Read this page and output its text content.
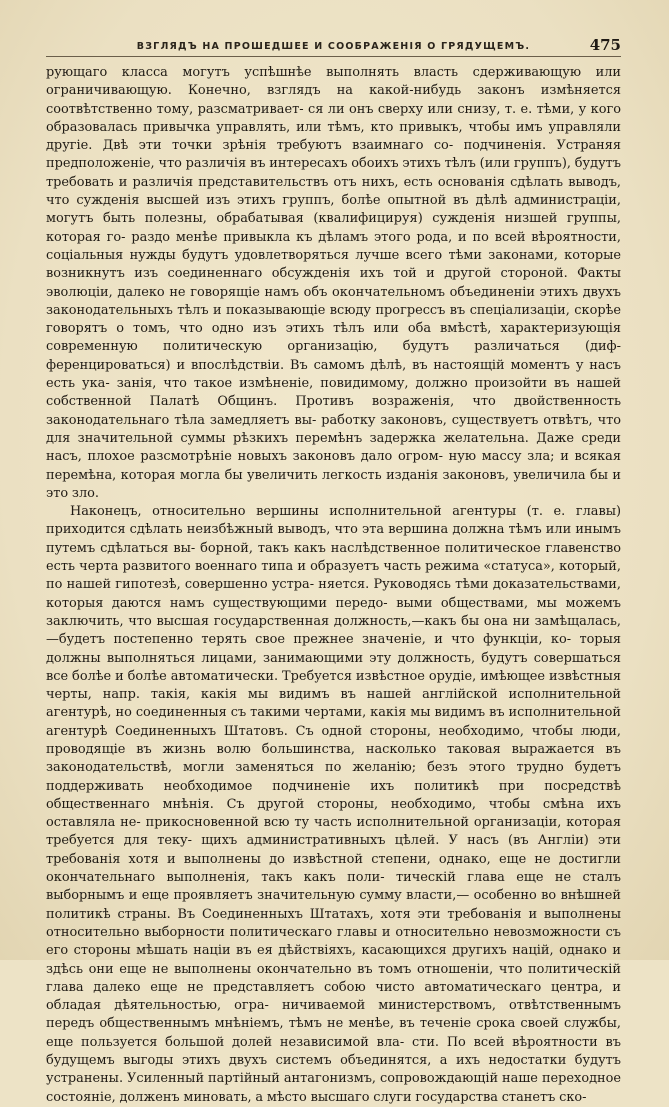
ВЗГЛЯДЪ НА ПРОШЕДШЕЕ И СООБРАЖЕНІЯ О ГРЯДУЩЕМЪ.	475

рующаго класса могутъ успѣшнѣе выполнять власть сдерживающую или ограничивающую. Конечно, взглядъ на какой-нибудь законъ измѣняется соотвѣтственно тому, разсматривает- ся ли онъ сверху или снизу, т. е. тѣми, у кого образовалась привычка управлять, или тѣмъ, кто привыкъ, чтобы имъ управляли другіе. Двѣ эти точки зрѣнія требуютъ взаимнаго со- подчиненія. Устраняя предположеніе, что различія въ интересахъ обоихъ этихъ тѣлъ (или группъ), будутъ требовать и различія представительствъ отъ нихъ, есть основанія сдѣлать выводъ, что сужденія высшей изъ этихъ группъ, болѣе опытной въ дѣлѣ администраціи, могутъ быть полезны, обрабатывая (квалифицируя) сужденія низшей группы, которая го- раздо менѣе привыкла къ дѣламъ этого рода, и по всей вѣроятности, соціальныя нужды будутъ удовлетворяться лучше всего тѣми законами, которые возникнутъ изъ соединеннаго обсужденія ихъ той и другой стороной. Факты эволюціи, далеко не говорящіе намъ объ окончательномъ объединеніи этихъ двухъ законодательныхъ тѣлъ и показывающіе всюду прогрессъ въ спеціализаціи, скорѣе говорятъ о томъ, что одно изъ этихъ тѣлъ или оба вмѣстѣ, характеризующія современную политическую организацію, будутъ различаться (диф- ференцироваться) и впослѣдствіи. Въ самомъ дѣлѣ, въ настоящій моментъ у насъ есть ука- занія, что такое измѣненіе, повидимому, должно произойти въ нашей собственной Палатѣ Общинъ. Противъ возраженія, что двойственность законодательнаго тѣла замедляетъ вы- работку законовъ, существуетъ отвѣтъ, что для значительной суммы рѣзкихъ перемѣнъ задержка желательна. Даже среди насъ, плохое разсмотрѣніе новыхъ законовъ дало огром- ную массу зла; и всякая перемѣна, которая могла бы увеличить легкость изданія законовъ, увеличила бы и это зло.

Наконецъ, относительно вершины исполнительной агентуры (т. е. главы) приходится сдѣлать неизбѣжный выводъ, что эта вершина должна тѣмъ или инымъ путемъ сдѣлаться вы- борной, такъ какъ наслѣдственное политическое главенство есть черта развитого военнаго типа и образуетъ часть режима «статуса», который, по нашей гипотезѣ, совершенно устра- няется. Руководясь тѣми доказательствами, которыя даются намъ существующими передо- выми обществами, мы можемъ заключить, что высшая государственная должность,—какъ бы она ни замѣщалась,—будетъ постепенно терять свое прежнее значеніе, и что функціи, ко- торыя должны выполняться лицами, занимающими эту должность, будутъ совершаться все болѣе и болѣе автоматически. Требуется извѣстное орудіе, имѣющее извѣстныя черты, напр. такія, какія мы видимъ въ нашей англійской исполнительной агентурѣ, но соединенныя съ такими чертами, какія мы видимъ въ исполнительной агентурѣ Соединенныхъ Штатовъ. Съ одной стороны, необходимо, чтобы люди, проводящіе въ жизнь волю большинства, насколько таковая выражается въ законодательствѣ, могли заменяться по желанію; безъ этого трудно будетъ поддерживать необходимое подчиненіе ихъ политикѣ при посредствѣ общественнаго мнѣнія. Съ другой стороны, необходимо, чтобы смѣна ихъ оставляла не- прикосновенной всю ту часть исполнительной организаціи, которая требуется для теку- щихъ административныхъ цѣлей. У насъ (въ Англіи) эти требованія хотя и выполнены до извѣстной степени, однако, еще не достигли окончательнаго выполненія, такъ какъ поли- тическій глава еще не сталъ выборнымъ и еще проявляетъ значительную сумму власти,— особенно во внѣшней политикѣ страны. Въ Соединенныхъ Штатахъ, хотя эти требованія и выполнены относительно выборности политическаго главы и относительно невозможности съ его стороны мѣшать націи въ ея дѣйствіяхъ, касающихся другихъ націй, однако и здѣсь они еще не выполнены окончательно въ томъ отношеніи, что политическій глава далеко еще не представляетъ собою чисто автоматическаго центра, и обладая дѣятельностью, огра- ничиваемой министерствомъ, отвѣтственнымъ передъ общественнымъ мнѣніемъ, тѣмъ не менѣе, въ теченіе срока своей службы, еще пользуется большой долей независимой вла- сти. По всей вѣроятности въ будущемъ выгоды этихъ двухъ системъ объединятся, а ихъ недостатки будутъ устранены. Усиленный партійный антагонизмъ, сопровождающій наше переходное состояніе, долженъ миновать, а мѣсто высшаго слуги государства станетъ ско-
